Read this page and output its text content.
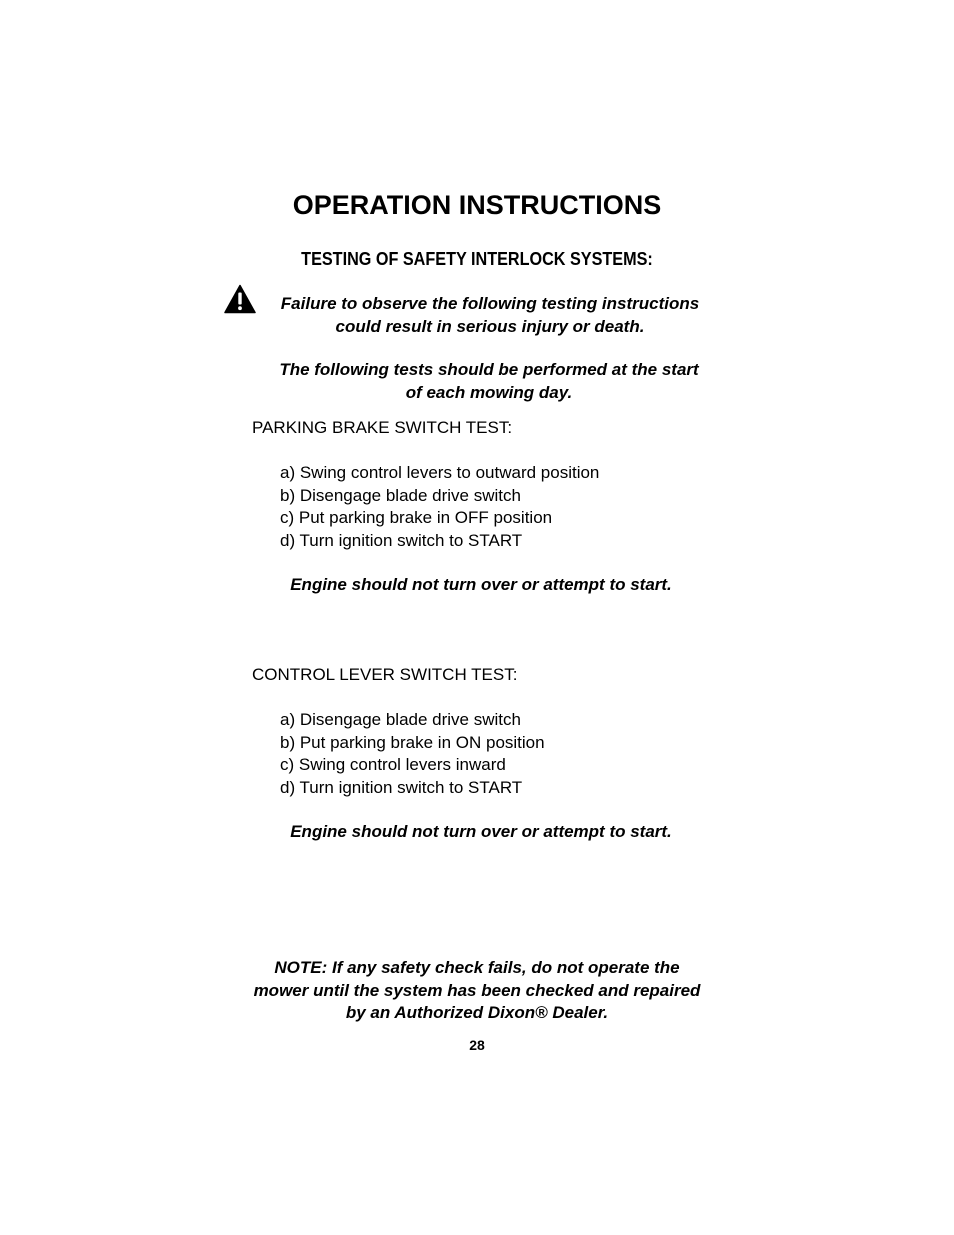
OPERATION INSTRUCTIONS
TESTING OF SAFETY INTERLOCK SYSTEMS:
Failure to observe the following testing instructions
could result in serious injury or death.
The following tests should be performed at the start
of each mowing day.
PARKING BRAKE SWITCH TEST:
a) Swing control levers to outward position
b) Disengage blade drive switch
c) Put parking brake in OFF position
d) Turn ignition switch to START
Engine should not turn over or attempt to start.
CONTROL LEVER SWITCH TEST:
a) Disengage blade drive switch
b) Put parking brake in ON position
c) Swing control levers inward
d) Turn ignition switch to START
Engine should not turn over or attempt to start.
NOTE: If any safety check fails, do not operate the
mower until the system has been checked and repaired
by an Authorized Dixon® Dealer.
28
